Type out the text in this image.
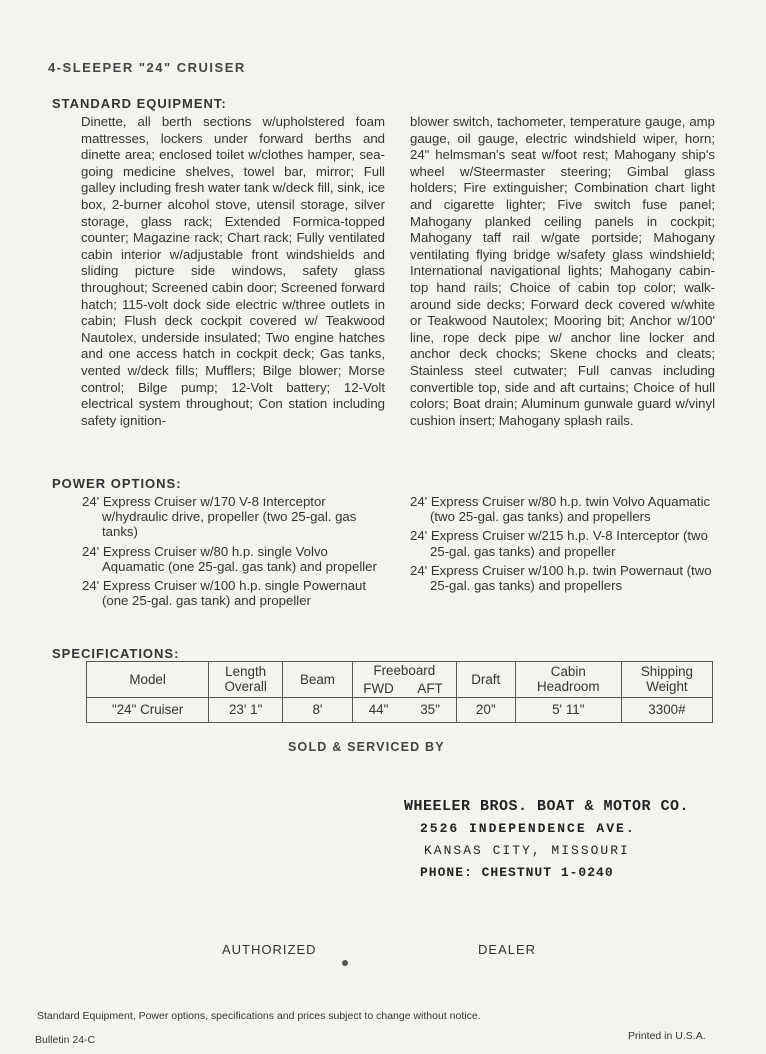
4-SLEEPER "24" CRUISER
STANDARD EQUIPMENT:

Dinette, all berth sections w/upholstered foam mattresses, lockers under forward berths and dinette area; enclosed toilet w/clothes hamper, sea-going medicine shelves, towel bar, mirror; Full galley including fresh water tank w/deck fill, sink, ice box, 2-burner alcohol stove, utensil storage, silver storage, glass rack; Extended Formica-topped counter; Magazine rack; Chart rack; Fully ventilated cabin interior w/adjustable front windshields and sliding picture side windows, safety glass throughout; Screened cabin door; Screened forward hatch; 115-volt dock side electric w/three outlets in cabin; Flush deck cockpit covered w/ Teakwood Nautolex, underside insulated; Two engine hatches and one access hatch in cockpit deck; Gas tanks, vented w/deck fills; Mufflers; Bilge blower; Morse control; Bilge pump; 12-Volt battery; 12-Volt electrical system throughout; Con station including safety ignition-

blower switch, tachometer, temperature gauge, amp gauge, oil gauge, electric windshield wiper, horn; 24" helmsman's seat w/foot rest; Mahogany ship's wheel w/Steermaster steering; Gimbal glass holders; Fire extinguisher; Combination chart light and cigarette lighter; Five switch fuse panel; Mahogany planked ceiling panels in cockpit; Mahogany taff rail w/gate portside; Mahogany ventilating flying bridge w/safety glass windshield; International navigational lights; Mahogany cabin-top hand rails; Choice of cabin top color; walk-around side decks; Forward deck covered w/white or Teakwood Nautolex; Mooring bit; Anchor w/100' line, rope deck pipe w/ anchor line locker and anchor deck chocks; Skene chocks and cleats; Stainless steel cutwater; Full canvas including convertible top, side and aft curtains; Choice of hull colors; Boat drain; Aluminum gunwale guard w/vinyl cushion insert; Mahogany splash rails.

POWER OPTIONS:
24' Express Cruiser w/170 V-8 Interceptor w/hydraulic drive, propeller (two 25-gal. gas tanks)
24' Express Cruiser w/80 h.p. single Volvo Aquamatic (one 25-gal. gas tank) and propeller
24' Express Cruiser w/100 h.p. single Powernaut (one 25-gal. gas tank) and propeller
24' Express Cruiser w/80 h.p. twin Volvo Aquamatic (two 25-gal. gas tanks) and propellers
24' Express Cruiser w/215 h.p. V-8 Interceptor (two 25-gal. gas tanks) and propeller
24' Express Cruiser w/100 h.p. twin Powernaut (two 25-gal. gas tanks) and propellers
SPECIFICATIONS:
Model	Length Overall	Beam	Freeboard		Draft	Cabin Headroom	Shipping Weight
			FWD	AFT			
"24" Cruiser	23' 1"	8'	44"	35"	20"	5' 11"	3300#
SOLD & SERVICED BY
WHEELER BROS. BOAT & MOTOR CO.
2526 INDEPENDENCE AVE.
KANSAS CITY, MISSOURI
PHONE: CHESTNUT 1-0240
AUTHORIZED	DEALER
Standard Equipment, Power options, specifications and prices subject to change without notice.
Bulletin 24-C	Printed in U.S.A.
